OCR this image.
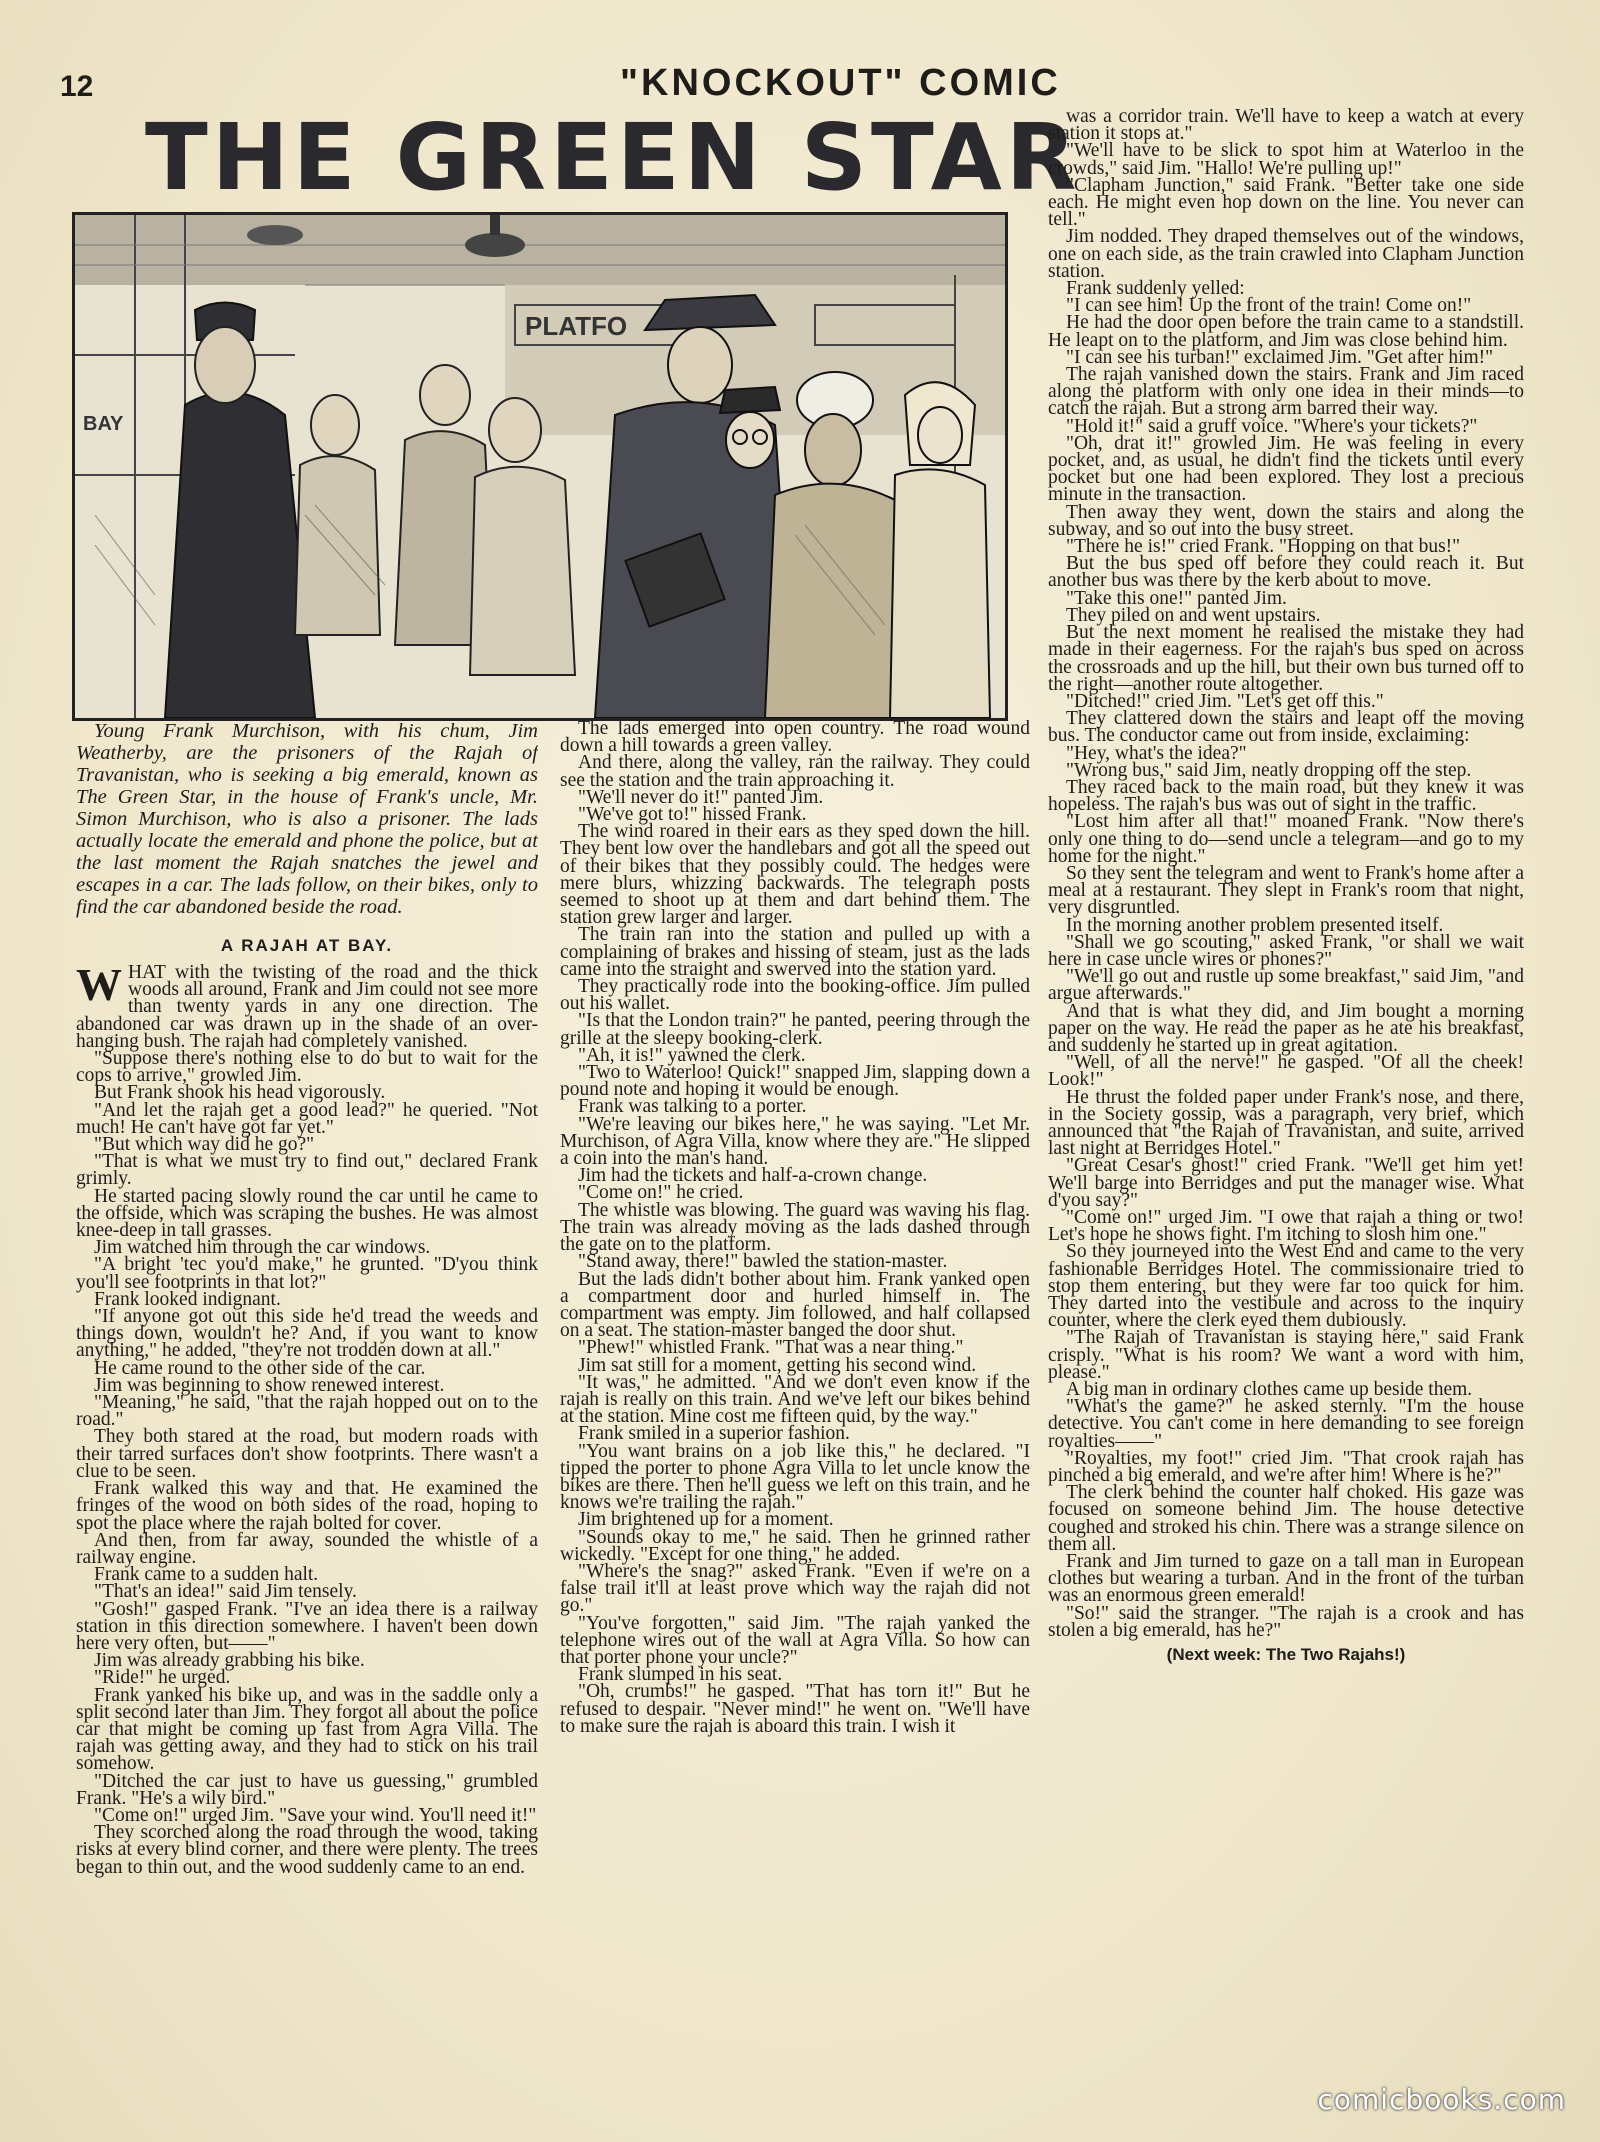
12	"KNOCKOUT" COMIC
THE GREEN STAR
PLATFO
BAY

Young Frank Murchison, with his chum, Jim Weatherby, are the prisoners of the Rajah of Travanistan, who is seeking a big emerald, known as The Green Star, in the house of Frank's uncle, Mr. Simon Murchison, who is also a prisoner. The lads actually locate the emerald and phone the police, but at the last moment the Rajah snatches the jewel and escapes in a car. The lads follow, on their bikes, only to find the car abandoned beside the road.

A RAJAH AT BAY.

WHAT with the twisting of the road and the thick woods all around, Frank and Jim could not see more than twenty yards in any one direction. The abandoned car was drawn up in the shade of an over-hanging bush. The rajah had completely vanished.

"Suppose there's nothing else to do but to wait for the cops to arrive," growled Jim.

But Frank shook his head vigorously.

"And let the rajah get a good lead?" he queried. "Not much! He can't have got far yet."

"But which way did he go?"

"That is what we must try to find out," declared Frank grimly.

He started pacing slowly round the car until he came to the offside, which was scraping the bushes. He was almost knee-deep in tall grasses.

Jim watched him through the car windows.

"A bright 'tec you'd make," he grunted. "D'you think you'll see footprints in that lot?"

Frank looked indignant.

"If anyone got out this side he'd tread the weeds and things down, wouldn't he? And, if you want to know anything," he added, "they're not trodden down at all."

He came round to the other side of the car.

Jim was beginning to show renewed interest.

"Meaning," he said, "that the rajah hopped out on to the road."

They both stared at the road, but modern roads with their tarred surfaces don't show footprints. There wasn't a clue to be seen.

Frank walked this way and that. He examined the fringes of the wood on both sides of the road, hoping to spot the place where the rajah bolted for cover.

And then, from far away, sounded the whistle of a railway engine.

Frank came to a sudden halt.

"That's an idea!" said Jim tensely.

"Gosh!" gasped Frank. "I've an idea there is a railway station in this direction somewhere. I haven't been down here very often, but——"

Jim was already grabbing his bike.

"Ride!" he urged.

Frank yanked his bike up, and was in the saddle only a split second later than Jim. They forgot all about the police car that might be coming up fast from Agra Villa. The rajah was getting away, and they had to stick on his trail somehow.

"Ditched the car just to have us guessing," grumbled Frank. "He's a wily bird."

"Come on!" urged Jim. "Save your wind. You'll need it!"

They scorched along the road through the wood, taking risks at every blind corner, and there were plenty. The trees began to thin out, and the wood suddenly came to an end.

The lads emerged into open country. The road wound down a hill towards a green valley.

And there, along the valley, ran the railway. They could see the station and the train approaching it.

"We'll never do it!" panted Jim.

"We've got to!" hissed Frank.

The wind roared in their ears as they sped down the hill. They bent low over the handlebars and got all the speed out of their bikes that they possibly could. The hedges were mere blurs, whizzing backwards. The telegraph posts seemed to shoot up at them and dart behind them. The station grew larger and larger.

The train ran into the station and pulled up with a complaining of brakes and hissing of steam, just as the lads came into the straight and swerved into the station yard.

They practically rode into the booking-office. Jim pulled out his wallet.

"Is that the London train?" he panted, peering through the grille at the sleepy booking-clerk.

"Ah, it is!" yawned the clerk.

"Two to Waterloo! Quick!" snapped Jim, slapping down a pound note and hoping it would be enough.

Frank was talking to a porter.

"We're leaving our bikes here," he was saying. "Let Mr. Murchison, of Agra Villa, know where they are." He slipped a coin into the man's hand.

Jim had the tickets and half-a-crown change.

"Come on!" he cried.

The whistle was blowing. The guard was waving his flag. The train was already moving as the lads dashed through the gate on to the platform.

"Stand away, there!" bawled the station-master.

But the lads didn't bother about him. Frank yanked open a compartment door and hurled himself in. The compartment was empty. Jim followed, and half collapsed on a seat. The station-master banged the door shut.

"Phew!" whistled Frank. "That was a near thing."

Jim sat still for a moment, getting his second wind.

"It was," he admitted. "And we don't even know if the rajah is really on this train. And we've left our bikes behind at the station. Mine cost me fifteen quid, by the way."

Frank smiled in a superior fashion.

"You want brains on a job like this," he declared. "I tipped the porter to phone Agra Villa to let uncle know the bikes are there. Then he'll guess we left on this train, and he knows we're trailing the rajah."

Jim brightened up for a moment.

"Sounds okay to me," he said. Then he grinned rather wickedly. "Except for one thing," he added.

"Where's the snag?" asked Frank. "Even if we're on a false trail it'll at least prove which way the rajah did not go."

"You've forgotten," said Jim. "The rajah yanked the telephone wires out of the wall at Agra Villa. So how can that porter phone your uncle?"

Frank slumped in his seat.

"Oh, crumbs!" he gasped. "That has torn it!" But he refused to despair. "Never mind!" he went on. "We'll have to make sure the rajah is aboard this train. I wish it

was a corridor train. We'll have to keep a watch at every station it stops at."

"We'll have to be slick to spot him at Waterloo in the crowds," said Jim. "Hallo! We're pulling up!"

"Clapham Junction," said Frank. "Better take one side each. He might even hop down on the line. You never can tell."

Jim nodded. They draped themselves out of the windows, one on each side, as the train crawled into Clapham Junction station.

Frank suddenly yelled:

"I can see him! Up the front of the train! Come on!"

He had the door open before the train came to a standstill. He leapt on to the platform, and Jim was close behind him.

"I can see his turban!" exclaimed Jim. "Get after him!"

The rajah vanished down the stairs. Frank and Jim raced along the platform with only one idea in their minds—to catch the rajah. But a strong arm barred their way.

"Hold it!" said a gruff voice. "Where's your tickets?"

"Oh, drat it!" growled Jim. He was feeling in every pocket, and, as usual, he didn't find the tickets until every pocket but one had been explored. They lost a precious minute in the transaction.

Then away they went, down the stairs and along the subway, and so out into the busy street.

"There he is!" cried Frank. "Hopping on that bus!"

But the bus sped off before they could reach it. But another bus was there by the kerb about to move.

"Take this one!" panted Jim.

They piled on and went upstairs.

But the next moment he realised the mistake they had made in their eagerness. For the rajah's bus sped on across the crossroads and up the hill, but their own bus turned off to the right—another route altogether.

"Ditched!" cried Jim. "Let's get off this."

They clattered down the stairs and leapt off the moving bus. The conductor came out from inside, exclaiming:

"Hey, what's the idea?"

"Wrong bus," said Jim, neatly dropping off the step.

They raced back to the main road, but they knew it was hopeless. The rajah's bus was out of sight in the traffic.

"Lost him after all that!" moaned Frank. "Now there's only one thing to do—send uncle a telegram—and go to my home for the night."

So they sent the telegram and went to Frank's home after a meal at a restaurant. They slept in Frank's room that night, very disgruntled.

In the morning another problem presented itself.

"Shall we go scouting," asked Frank, "or shall we wait here in case uncle wires or phones?"

"We'll go out and rustle up some breakfast," said Jim, "and argue afterwards."

And that is what they did, and Jim bought a morning paper on the way. He read the paper as he ate his breakfast, and suddenly he started up in great agitation.

"Well, of all the nerve!" he gasped. "Of all the cheek! Look!"

He thrust the folded paper under Frank's nose, and there, in the Society gossip, was a paragraph, very brief, which announced that "the Rajah of Travanistan, and suite, arrived last night at Berridges Hotel."

"Great Cesar's ghost!" cried Frank. "We'll get him yet! We'll barge into Berridges and put the manager wise. What d'you say?"

"Come on!" urged Jim. "I owe that rajah a thing or two! Let's hope he shows fight. I'm itching to slosh him one."

So they journeyed into the West End and came to the very fashionable Berridges Hotel. The commissionaire tried to stop them entering, but they were far too quick for him. They darted into the vestibule and across to the inquiry counter, where the clerk eyed them dubiously.

"The Rajah of Travanistan is staying here," said Frank crisply. "What is his room? We want a word with him, please."

A big man in ordinary clothes came up beside them.

"What's the game?" he asked sternly. "I'm the house detective. You can't come in here demanding to see foreign royalties——"

"Royalties, my foot!" cried Jim. "That crook rajah has pinched a big emerald, and we're after him! Where is he?"

The clerk behind the counter half choked. His gaze was focused on someone behind Jim. The house detective coughed and stroked his chin. There was a strange silence on them all.

Frank and Jim turned to gaze on a tall man in European clothes but wearing a turban. And in the front of the turban was an enormous green emerald!

"So!" said the stranger. "The rajah is a crook and has stolen a big emerald, has he?"

(Next week: The Two Rajahs!)

comicbooks.com
